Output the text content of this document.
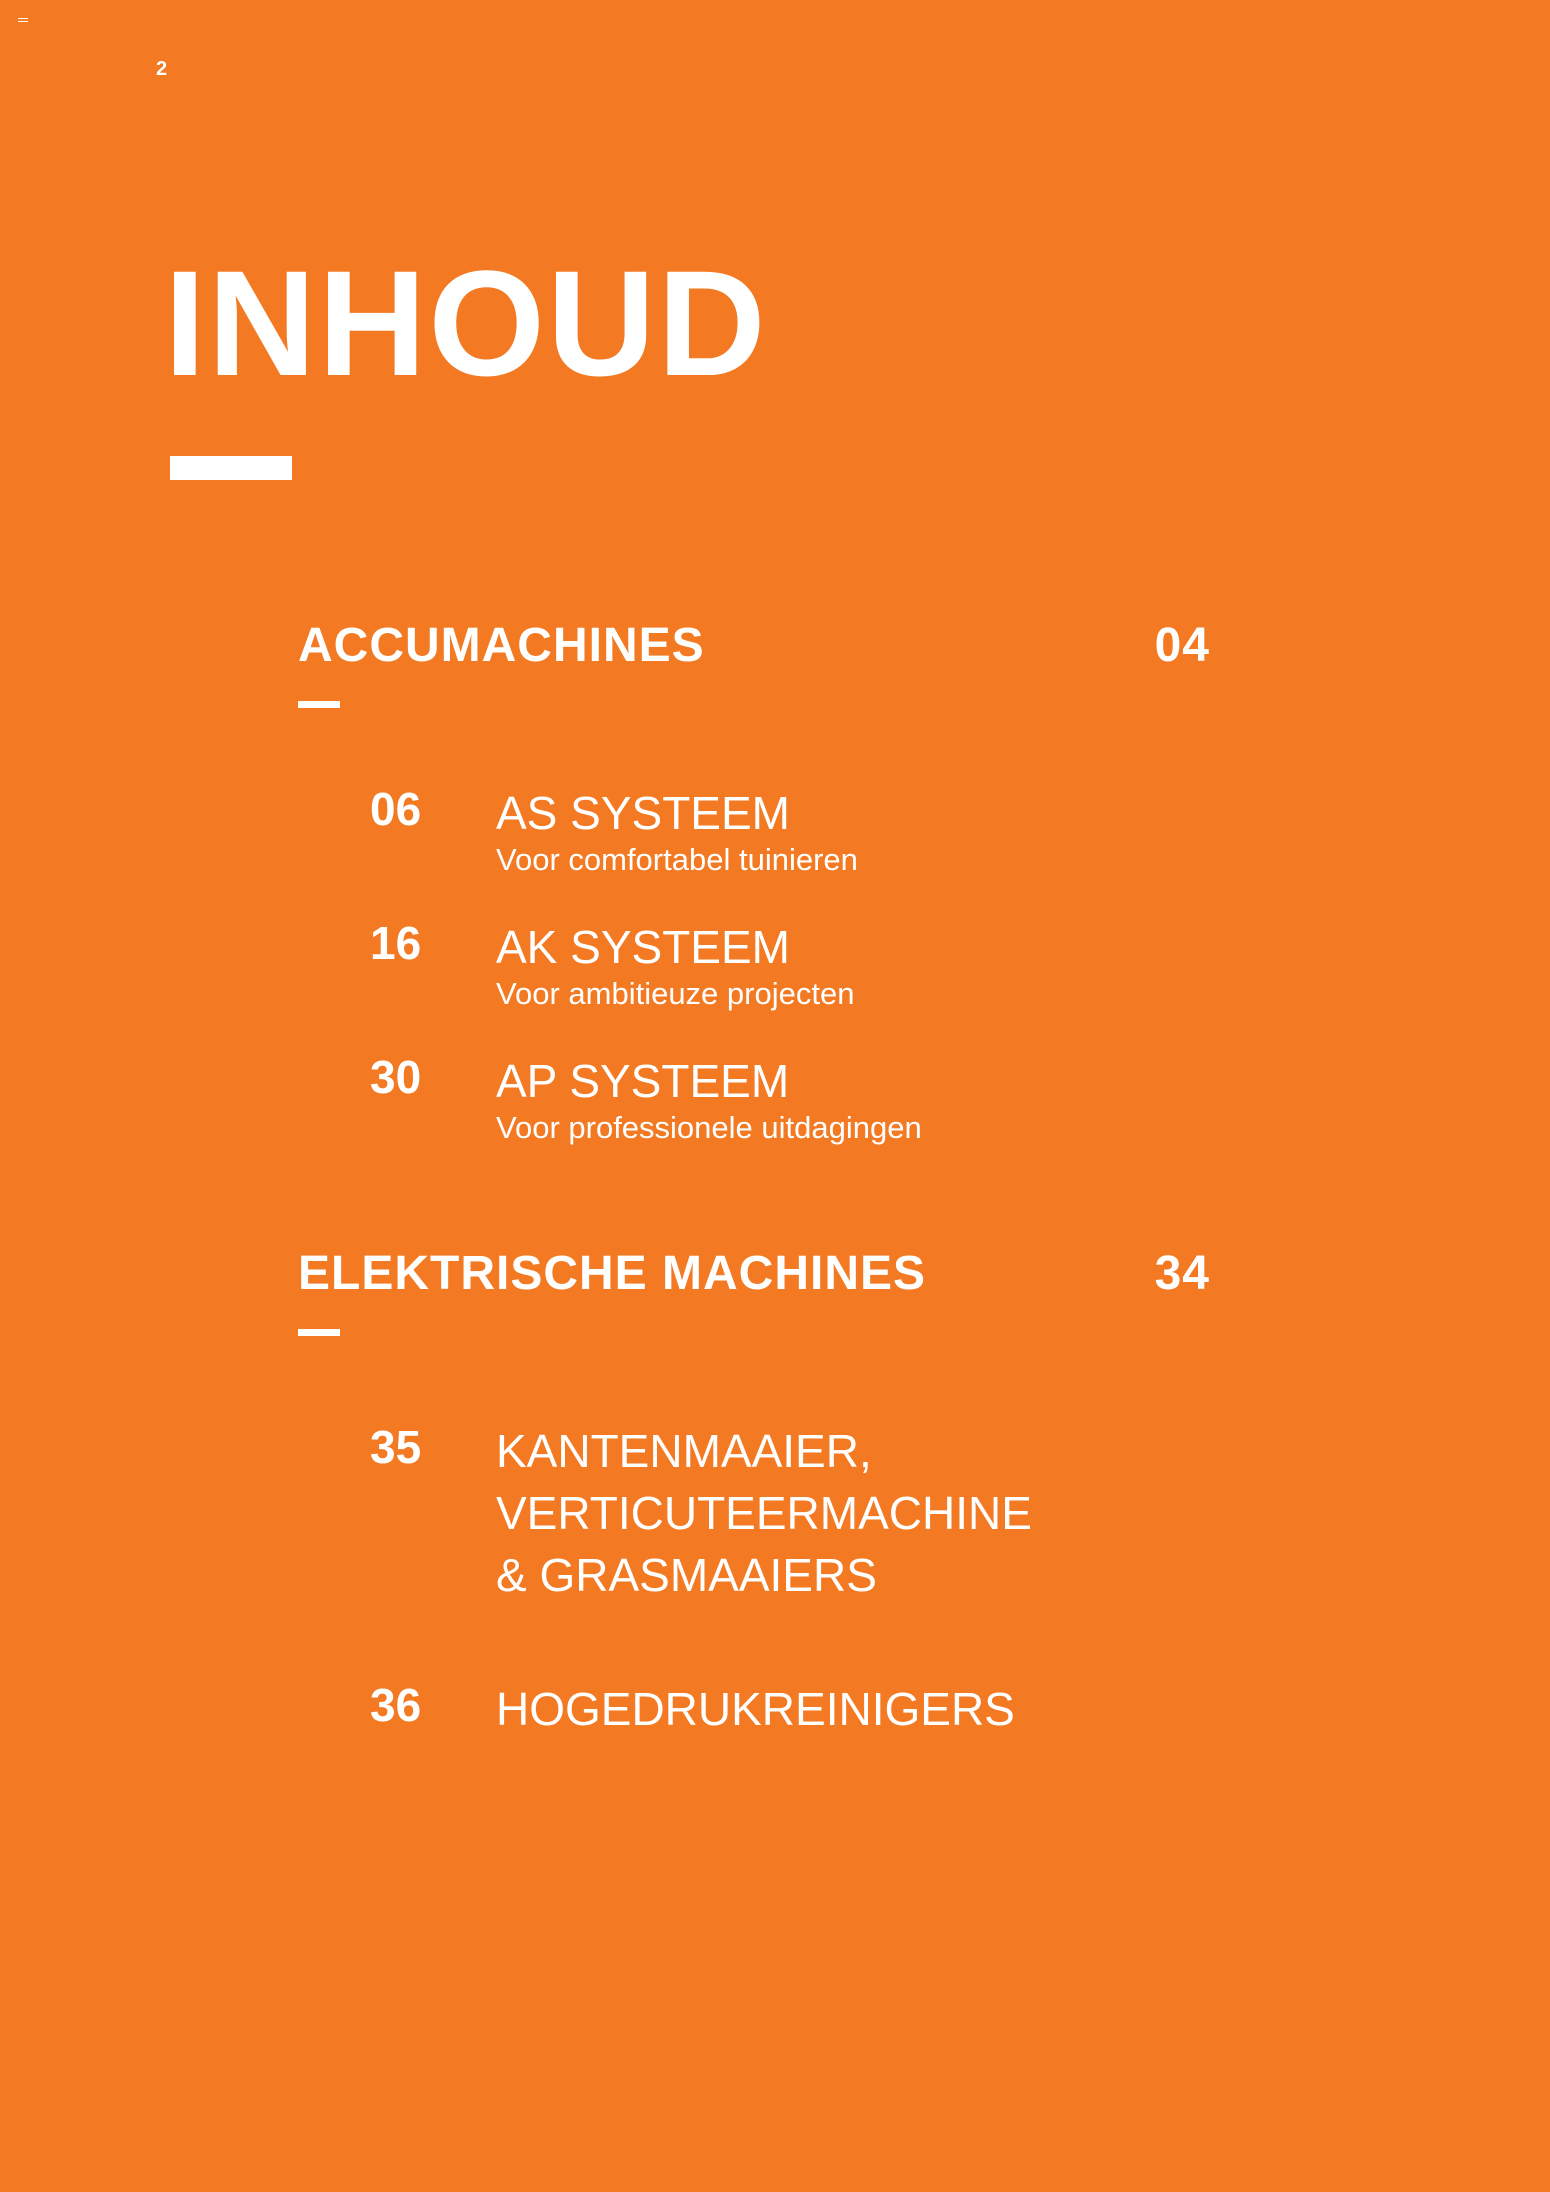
2
INHOUD
ACCUMACHINES	04
06	AS SYSTEEM
Voor comfortabel tuinieren
16	AK SYSTEEM
Voor ambitieuze projecten
30	AP SYSTEEM
Voor professionele uitdagingen
ELEKTRISCHE MACHINES	34
35	KANTENMAAIER,
VERTICUTEERMACHINE
& GRASMAAIERS
36	HOGEDRUKREINIGERS
